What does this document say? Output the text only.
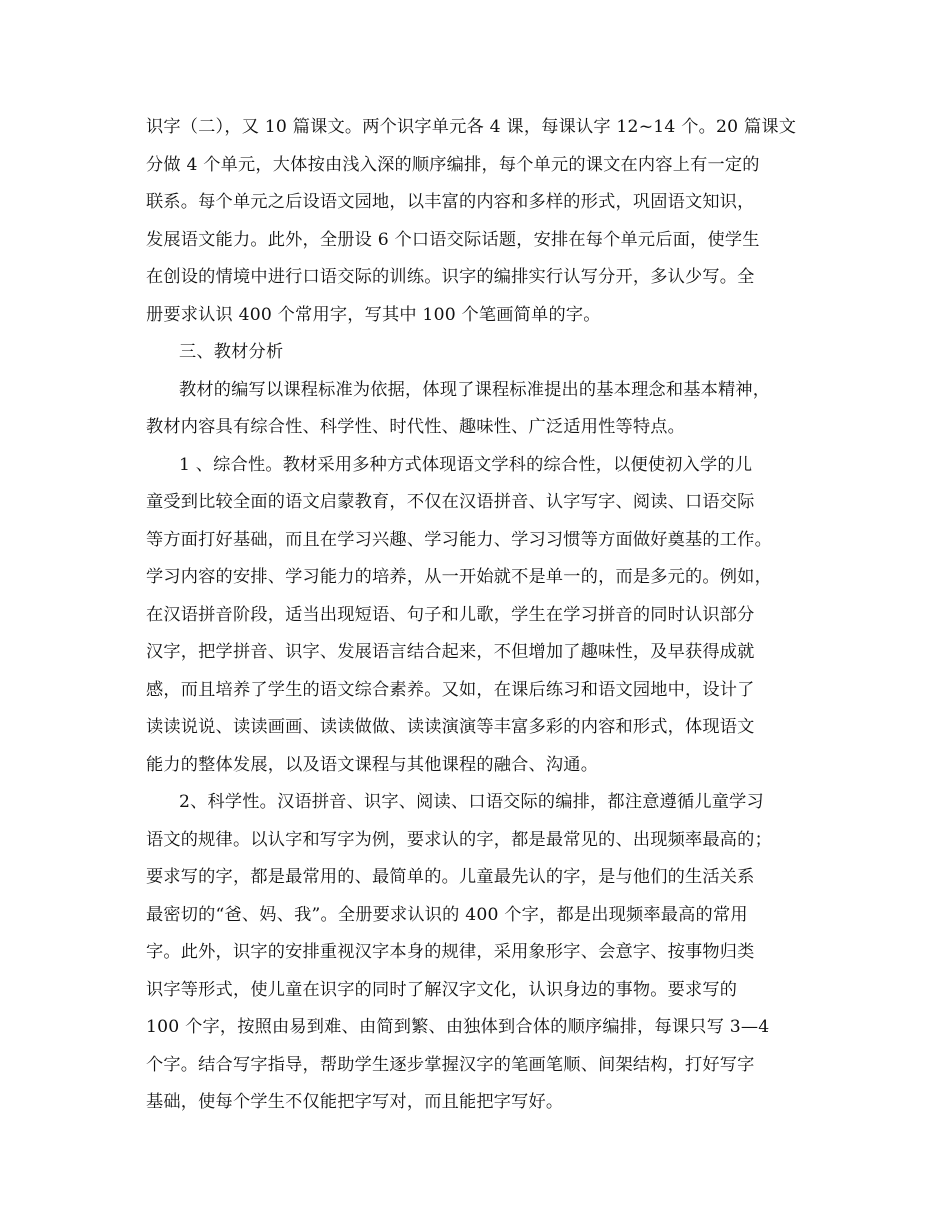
识字（二），又 10 篇课文。两个识字单元各 4 课，每课认字 12~14 个。20 篇课文
分做 4 个单元，大体按由浅入深的顺序编排，每个单元的课文在内容上有一定的
联系。每个单元之后设语文园地，以丰富的内容和多样的形式，巩固语文知识，
发展语文能力。此外，全册设 6 个口语交际话题，安排在每个单元后面，使学生
在创设的情境中进行口语交际的训练。识字的编排实行认写分开，多认少写。全
册要求认识 400 个常用字，写其中 100 个笔画简单的字。
三、教材分析
教材的编写以课程标准为依据，体现了课程标准提出的基本理念和基本精神，
教材内容具有综合性、科学性、时代性、趣味性、广泛适用性等特点。
1 、综合性。教材采用多种方式体现语文学科的综合性，以便使初入学的儿
童受到比较全面的语文启蒙教育，不仅在汉语拼音、认字写字、阅读、口语交际
等方面打好基础，而且在学习兴趣、学习能力、学习习惯等方面做好奠基的工作。
学习内容的安排、学习能力的培养，从一开始就不是单一的，而是多元的。例如，
在汉语拼音阶段，适当出现短语、句子和儿歌，学生在学习拼音的同时认识部分
汉字，把学拼音、识字、发展语言结合起来，不但增加了趣味性，及早获得成就
感，而且培养了学生的语文综合素养。又如，在课后练习和语文园地中，设计了
读读说说、读读画画、读读做做、读读演演等丰富多彩的内容和形式，体现语文
能力的整体发展，以及语文课程与其他课程的融合、沟通。
2、科学性。汉语拼音、识字、阅读、口语交际的编排，都注意遵循儿童学习
语文的规律。以认字和写字为例，要求认的字，都是最常见的、出现频率最高的；
要求写的字，都是最常用的、最简单的。儿童最先认的字，是与他们的生活关系
最密切的“爸、妈、我”。全册要求认识的 400 个字，都是出现频率最高的常用
字。此外，识字的安排重视汉字本身的规律，采用象形字、会意字、按事物归类
识字等形式，使儿童在识字的同时了解汉字文化，认识身边的事物。要求写的
100 个字，按照由易到难、由简到繁、由独体到合体的顺序编排，每课只写 3—4
个字。结合写字指导，帮助学生逐步掌握汉字的笔画笔顺、间架结构，打好写字
基础，使每个学生不仅能把字写对，而且能把字写好。
